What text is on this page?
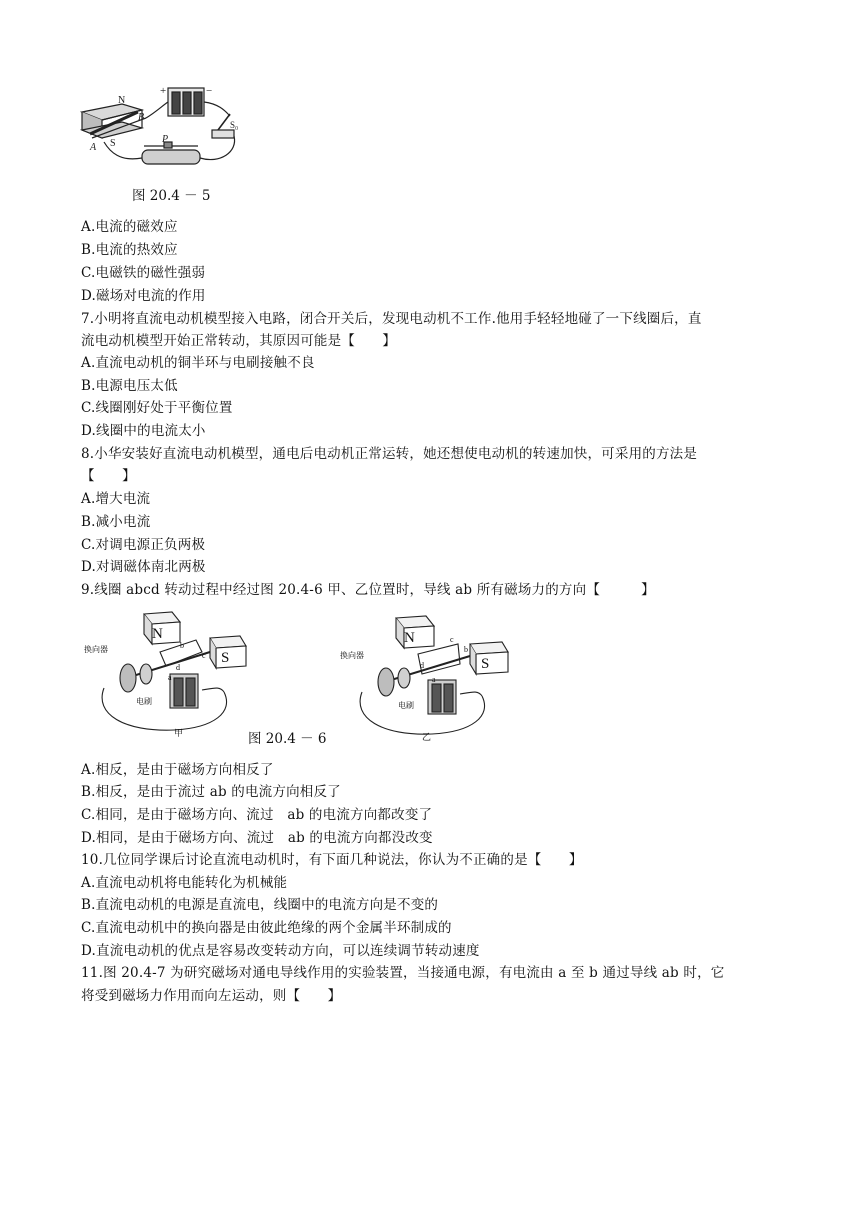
N
S
A
B
P
S₀
+	−
图 20.4 － 5
A.电流的磁效应
B.电流的热效应
C.电磁铁的磁性强弱
D.磁场对电流的作用
7.小明将直流电动机模型接入电路，闭合开关后，发现电动机不工作.他用手轻轻地碰了一下线圈后，直
流电动机模型开始正常转动，其原因可能是【　　】
A.直流电动机的铜半环与电刷接触不良
B.电源电压太低
C.线圈刚好处于平衡位置
D.线圈中的电流太小
8.小华安装好直流电动机模型，通电后电动机正常运转，她还想使电动机的转速加快，可采用的方法是
【　　】
A.增大电流
B.减小电流
C.对调电源正负两极
D.对调磁体南北两极
9.线圈 abcd 转动过程中经过图 20.4-6 甲、乙位置时，导线 ab 所有磁场力的方向【　　　】
N
S
换向器
电刷
a
b
c
d
甲	图 20.4 － 6
N
S
换向器
电刷
a
b
c
d
乙
A.相反，是由于磁场方向相反了
B.相反，是由于流过 ab 的电流方向相反了
C.相同，是由于磁场方向、流过　ab 的电流方向都改变了
D.相同，是由于磁场方向、流过　ab 的电流方向都没改变
10.几位同学课后讨论直流电动机时，有下面几种说法，你认为不正确的是【　　】
A.直流电动机将电能转化为机械能
B.直流电动机的电源是直流电，线圈中的电流方向是不变的
C.直流电动机中的换向器是由彼此绝缘的两个金属半环制成的
D.直流电动机的优点是容易改变转动方向，可以连续调节转动速度
11.图 20.4-7 为研究磁场对通电导线作用的实验装置，当接通电源，有电流由 a 至 b 通过导线 ab 时，它
将受到磁场力作用而向左运动，则【　　】
